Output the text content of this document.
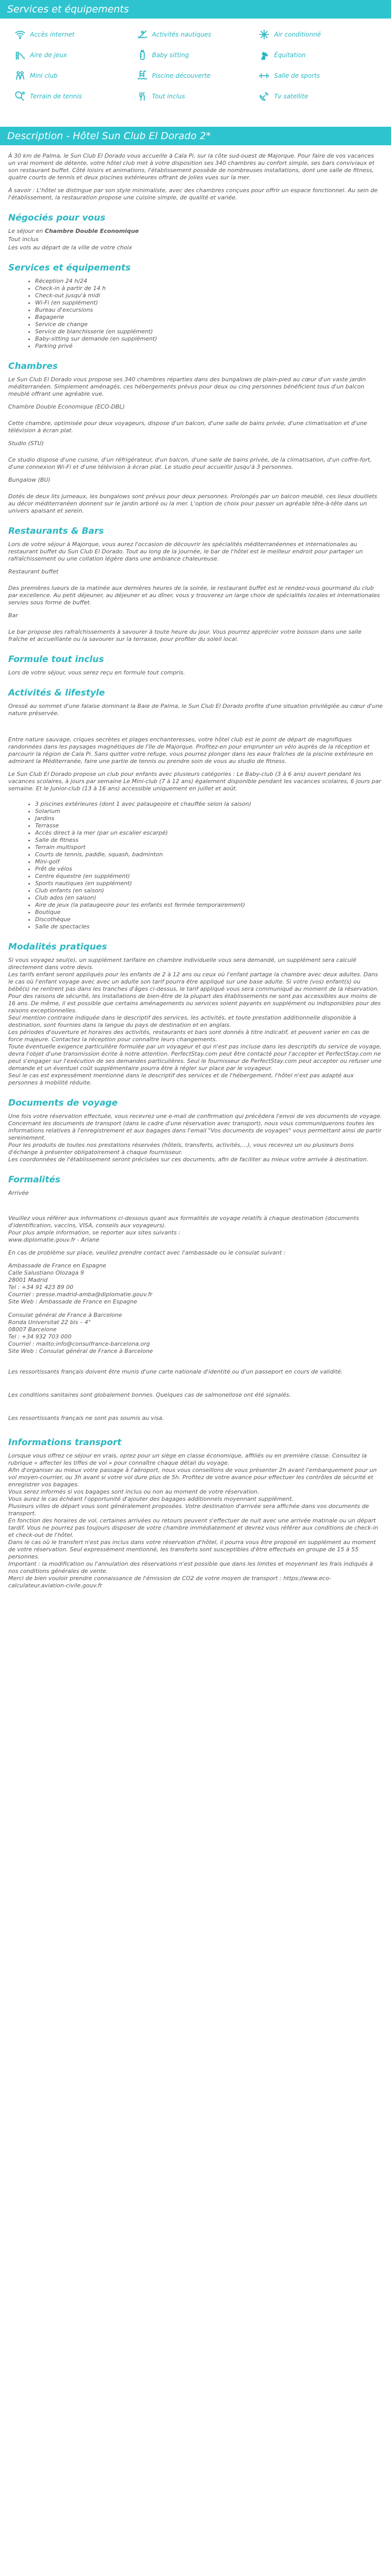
Services et équipements
Accès internet	Activités nautiques	Air conditionné
Aire de jeux	Baby sitting	Équitation
Mini club	Piscine découverte	Salle de sports
Terrain de tennis	Tout inclus	Tv satellite
Description - Hôtel Sun Club El Dorado 2*

À 30 km de Palma, le Sun Club El Dorado vous accueille à Cala Pi, sur la côte sud-ouest de Majorque. Pour faire de vos vacances un vrai moment de détente, votre hôtel club met à votre disposition ses 340 chambres au confort simple, ses bars conviviaux et son restaurant buffet. Côté loisirs et animations, l'établissement possède de nombreuses installations, dont une salle de fitness, quatre courts de tennis et deux piscines extérieures offrant de jolies vues sur la mer.

À savoir : L'hôtel se distingue par son style minimaliste, avec des chambres conçues pour offrir un espace fonctionnel. Au sein de l'établissement, la restauration propose une cuisine simple, de qualité et variée.

Négociés pour vous

Le séjour en Chambre Double Economique

Tout inclus

Les vols au départ de la ville de votre choix

Services et équipements
• Réception 24 h/24
• Check-in à partir de 14 h
• Check-out jusqu'à midi
• Wi-Fi (en supplément)
• Bureau d'excursions
• Bagagerie
• Service de change
• Service de blanchisserie (en supplément)
• Baby-sitting sur demande (en supplément)
• Parking privé
Chambres

Le Sun Club El Dorado vous propose ses 340 chambres réparties dans des bungalows de plain-pied au cœur d'un vaste jardin méditerranéen. Simplement aménagés, ces hébergements prévus pour deux ou cinq personnes bénéficient tous d'un balcon meublé offrant une agréable vue.

Chambre Double Economique (ECO-DBL)

Cette chambre, optimisée pour deux voyageurs, dispose d'un balcon, d'une salle de bains privée, d'une climatisation et d'une télévision à écran plat.

Studio (STU)

Ce studio dispose d'une cuisine, d'un réfrigérateur, d'un balcon, d'une salle de bains privée, de la climatisation, d'un coffre-fort, d'une connexion Wi-Fi et d'une télévision à écran plat. Le studio peut accueillir jusqu'à 3 personnes.

Bungalow (BU)

Dotés de deux lits jumeaux, les bungalows sont prévus pour deux personnes. Prolongés par un balcon meublé, ces lieux douillets au décor méditerranéen donnent sur le jardin arboré ou la mer. L'option de choix pour passer un agréable tête-à-tête dans un univers apaisant et serein.

Restaurants & Bars

Lors de votre séjour à Majorque, vous aurez l'occasion de découvrir les spécialités méditerranéennes et internationales au restaurant buffet du Sun Club El Dorado. Tout au long de la journée, le bar de l'hôtel est le meilleur endroit pour partager un rafraîchissement ou une collation légère dans une ambiance chaleureuse.

Restaurant buffet

Des premières lueurs de la matinée aux dernières heures de la soirée, le restaurant buffet est le rendez-vous gourmand du club par excellence. Au petit déjeuner, au déjeuner et au dîner, vous y trouverez un large choix de spécialités locales et internationales servies sous forme de buffet.

Bar

Le bar propose des rafraîchissements à savourer à toute heure du jour. Vous pourrez apprécier votre boisson dans une salle fraîche et accueillante ou la savourer sur la terrasse, pour profiter du soleil local.

Formule tout inclus

Lors de votre séjour, vous serez reçu en formule tout compris.

Activités & lifestyle

Oressé au sommet d'une falaise dominant la Baie de Palma, le Sun Club El Dorado profite d'une situation privilégiée au cœur d'une nature préservée.

Entre nature sauvage, criques secrètes et plages enchanteresses, votre hôtel club est le point de départ de magnifiques randonnées dans les paysages magnétiques de l'île de Majorque. Profitez-en pour emprunter un vélo auprès de la réception et parcourir la région de Cala Pi. Sans quitter votre refuge, vous pourrez plonger dans les eaux fraîches de la piscine extérieure en admirant la Méditerranée, faire une partie de tennis ou prendre soin de vous au studio de fitness.

Le Sun Club El Dorado propose un club pour enfants avec plusieurs catégories : Le Baby-club (3 à 6 ans) ouvert pendant les vacances scolaires, à jours par semaine Le Mini-club (7 à 12 ans) également disponible pendant les vacances scolaires, 6 jours par semaine. Et le Junior-club (13 à 16 ans) accessible uniquement en juillet et août.

• 3 piscines extérieures (dont 1 avec pataugeoire et chauffée selon la saison)
• Solarium
• Jardins
• Terrasse
• Accès direct à la mer (par un escalier escarpé)
• Salle de fitness
• Terrain multisport
• Courts de tennis, paddle, squash, badminton
• Mini-golf
• Prêt de vélos
• Centre équestre (en supplément)
• Sports nautiques (en supplément)
• Club enfants (en saison)
• Club ados (en saison)
• Aire de jeux (la pataugeoire pour les enfants est fermée temporairement)
• Boutique
• Discothèque
• Salle de spectacles
Modalités pratiques

Si vous voyagez seul(e), un supplément tarifaire en chambre individuelle vous sera demandé, un supplément sera calculé directement dans votre devis.

Les tarifs enfant seront appliqués pour les enfants de 2 à 12 ans ou ceux où l'enfant partage la chambre avec deux adultes. Dans le cas où l'enfant voyage avec avec un adulte son tarif pourra être appliqué sur une base adulte. Si votre (vos) enfant(s) ou bébé(s) ne rentrent pas dans les tranches d'âges ci-dessus, le tarif appliqué vous sera communiqué au moment de la réservation.

Pour des raisons de sécurité, les installations de bien-être de la plupart des établissements ne sont pas accessibles aux moins de 16 ans. De même, il est possible que certains aménagements ou services soient payants en supplément ou indisponibles pour des raisons exceptionnelles.

Seul mention contraire indiquée dans le descriptif des services, les activités, et toute prestation additionnelle disponible à destination, sont fournies dans la langue du pays de destination et en anglais.

Les périodes d'ouverture et horaires des activités, restaurants et bars sont donnés à titre indicatif, et peuvent varier en cas de force majeure. Contactez la réception pour connaître leurs changements.

Toute éventuelle exigence particulière formulée par un voyageur et qui n'est pas incluse dans les descriptifs du service de voyage, devra l'objet d'une transmission écrite à notre attention. PerfectStay.com peut être contacté pour l'accepter et PerfectStay.com ne peut s'engager sur l'exécution de ses demandes particulières. Seul le fournisseur de PerfectStay.com peut accepter ou refuser une demande et un éventuel coût supplémentaire pourra être à régler sur place par le voyageur.

Seul le cas est expressément mentionné dans le descriptif des services et de l'hébergement, l'hôtel n'est pas adapté aux personnes à mobilité réduite.

Documents de voyage

Une fois votre réservation effectuée, vous recevrez une e-mail de confirmation qui précèdera l'envoi de vos documents de voyage.

Concernant les documents de transport (dans le cadre d'une réservation avec transport), nous vous communiquerons toutes les informations relatives à l'enregistrement et aux bagages dans l'email "Vos documents de voyages" vous permettant ainsi de partir sereinement.

Pour les produits de toutes nos prestations réservées (hôtels, transferts, activités,...), vous recevrez un ou plusieurs bons d'échange à présenter obligatoirement à chaque fournisseur.

Les coordonnées de l'établissement seront précisées sur ces documents, afin de faciliter au mieux votre arrivée à destination.

Formalités

Arrivée

Veuillez vous référer aux informations ci-dessous quant aux formalités de voyage relatifs à chaque destination (documents d'identification, vaccins, VISA, conseils aux voyageurs).

Pour plus ample information, se reporter aux sites suivants :

www.diplomatie.gouv.fr - Ariane

En cas de problème sur place, veuillez prendre contact avec l'ambassade ou le consulat suivant :

Ambassade de France en Espagne
Calle Salustiano Olozaga 9
28001 Madrid
Tel : +34 91 423 89 00
Courriel : presse.madrid-amba@diplomatie.gouv.fr
Site Web : Ambassade de France en Espagne
Consulat général de France à Barcelone
Ronda Universitat 22 bis – 4°
08007 Barcelone
Tel : +34 932 703 000
Courriel : mailto:info@consulfrance-barcelona.org
Site Web : Consulat général de France à Barcelone

Les ressortissants français doivent être munis d'une carte nationale d'identité ou d'un passeport en cours de validité.

Les conditions sanitaires sont globalement bonnes. Quelques cas de salmonellose ont été signalés.

Les ressortissants français ne sont pas soumis au visa.

Informations transport

Lorsque vous offrez ce séjour en vrais, optez pour un siège en classe économique, affiliés ou en première classe. Consultez la rubrique « affecter les tiffes de vol » pour connaître chaque détail du voyage.

Afin d'organiser au mieux votre passage à l'aéroport, nous vous conseillons de vous présenter 2h avant l'embarquement pour un vol moyen-courrier, ou 3h avant si votre vol dure plus de 5h. Profitez de votre avance pour effectuer les contrôles de sécurité et enregistrer vos bagages.

Vous serez informés si vos bagages sont inclus ou non au moment de votre réservation.

Vous aurez le cas échéant l'opportunité d'ajouter des bagages additionnels moyennant supplément.

Plusieurs villes de départ vous sont généralement proposées. Votre destination d'arrivée sera affichée dans vos documents de transport.

En fonction des horaires de vol, certaines arrivées ou retours peuvent s'effectuer de nuit avec une arrivée matinale ou un départ tardif. Vous ne pourrez pas toujours disposer de votre chambre immédiatement et devrez vous référer aux conditions de check-in et check-out de l'hôtel.

Dans le cas où le transfert n'est pas inclus dans votre réservation d'hôtel, il pourra vous être proposé en supplément au moment de votre réservation. Seul expressément mentionné, les transferts sont susceptibles d'être effectués en groupe de 15 à 55 personnes.

Important : la modification ou l'annulation des réservations n'est possible que dans les limites et moyennant les frais indiqués à nos conditions générales de vente.

Merci de bien vouloir prendre connaissance de l'émission de CO2 de votre moyen de transport : https://www.eco-calculateur.aviation-civile.gouv.fr
